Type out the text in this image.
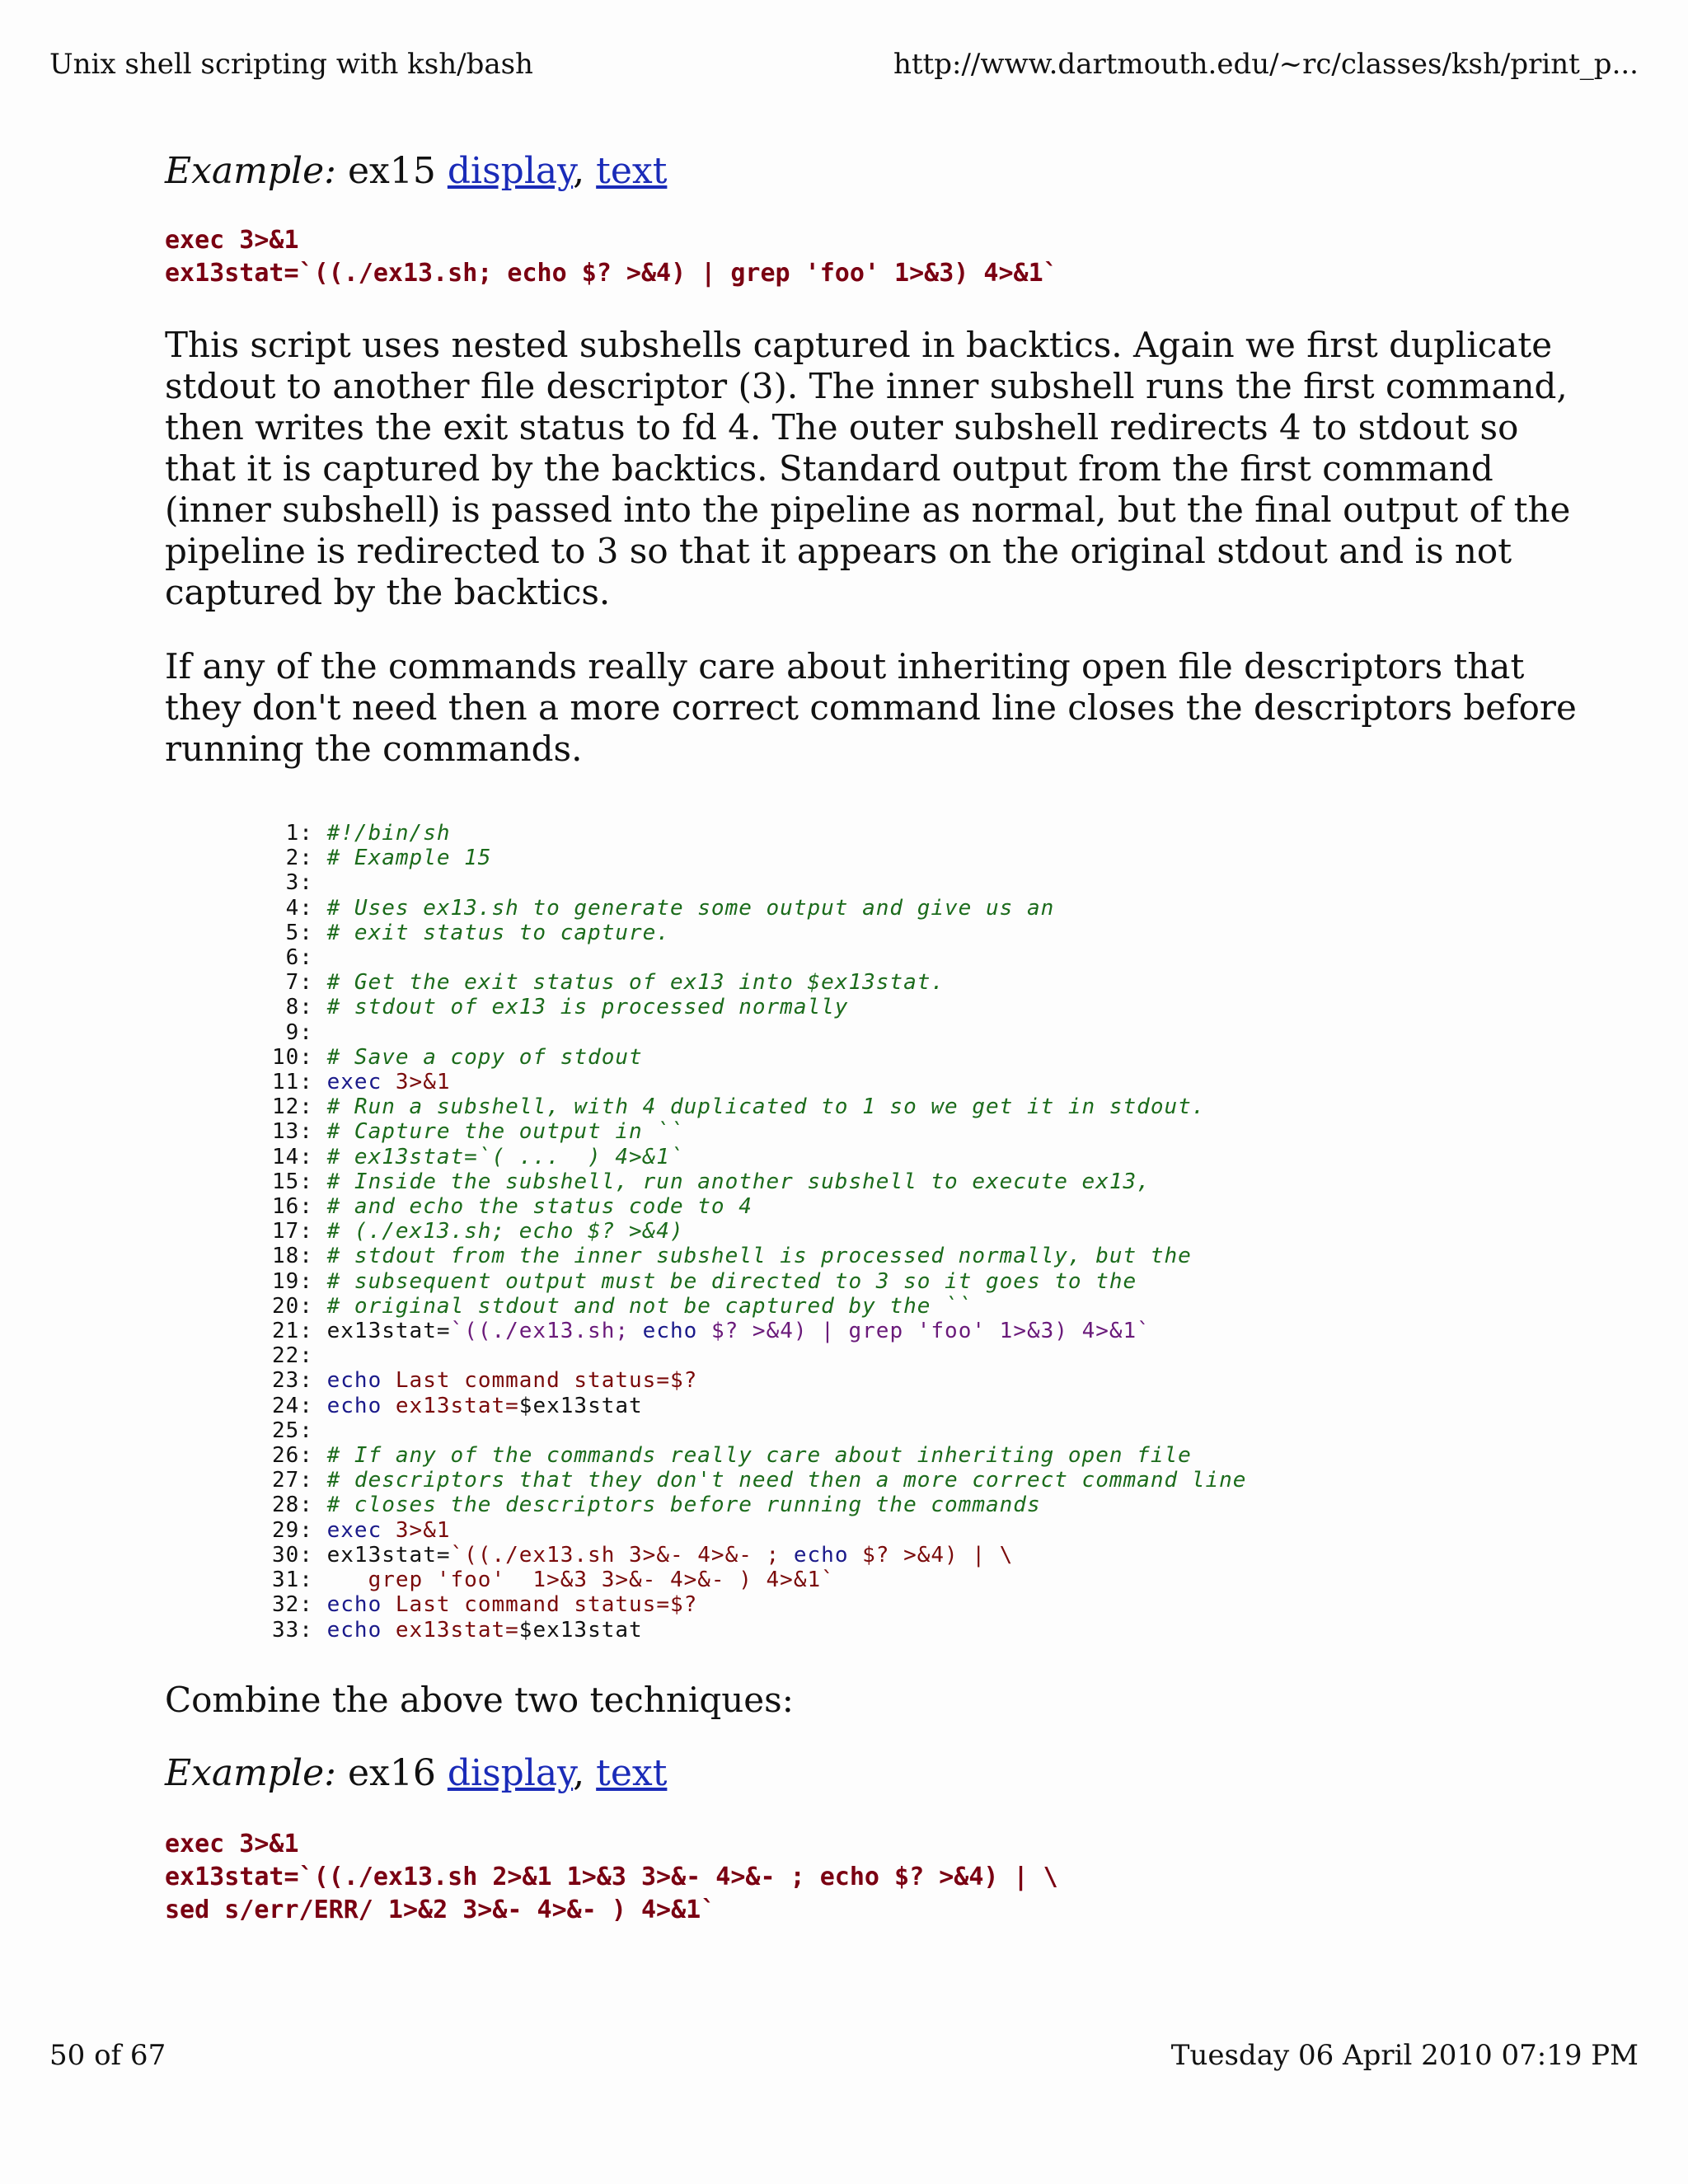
Unix shell scripting with ksh/bash	http://www.dartmouth.edu/~rc/classes/ksh/print_p...
Example: ex15 display, text
exec 3>&1
ex13stat=`((./ex13.sh; echo $? >&4) | grep 'foo' 1>&3) 4>&1`
This script uses nested subshells captured in backtics. Again we first duplicate stdout to another file descriptor (3). The inner subshell runs the first command, then writes the exit status to fd 4. The outer subshell redirects 4 to stdout so that it is captured by the backtics. Standard output from the first command (inner subshell) is passed into the pipeline as normal, but the final output of the pipeline is redirected to 3 so that it appears on the original stdout and is not captured by the backtics.
If any of the commands really care about inheriting open file descriptors that they don't need then a more correct command line closes the descriptors before running the commands.
1: #!/bin/sh
2: # Example 15
3:
4: # Uses ex13.sh to generate some output and give us an
5: # exit status to capture.
6:
7: # Get the exit status of ex13 into $ex13stat.
8: # stdout of ex13 is processed normally
9:
10: # Save a copy of stdout
11: exec 3>&1
12: # Run a subshell, with 4 duplicated to 1 so we get it in stdout.
13: # Capture the output in ``
14: # ex13stat=`( ...  ) 4>&1`
15: # Inside the subshell, run another subshell to execute ex13,
16: # and echo the status code to 4
17: # (./ex13.sh; echo $? >&4)
18: # stdout from the inner subshell is processed normally, but the
19: # subsequent output must be directed to 3 so it goes to the
20: # original stdout and not be captured by the ``
21: ex13stat=`((./ex13.sh; echo $? >&4) | grep 'foo' 1>&3) 4>&1`
22:
23: echo Last command status=$?
24: echo ex13stat=$ex13stat
25:
26: # If any of the commands really care about inheriting open file
27: # descriptors that they don't need then a more correct command line
28: # closes the descriptors before running the commands
29: exec 3>&1
30: ex13stat=`((./ex13.sh 3>&- 4>&- ; echo $? >&4) | \
31:    grep 'foo'  1>&3 3>&- 4>&- ) 4>&1`
32: echo Last command status=$?
33: echo ex13stat=$ex13stat
Combine the above two techniques:
Example: ex16 display, text
exec 3>&1
ex13stat=`((./ex13.sh 2>&1 1>&3 3>&- 4>&- ; echo $? >&4) | \
sed s/err/ERR/ 1>&2 3>&- 4>&- ) 4>&1`
50 of 67	Tuesday 06 April 2010 07:19 PM
